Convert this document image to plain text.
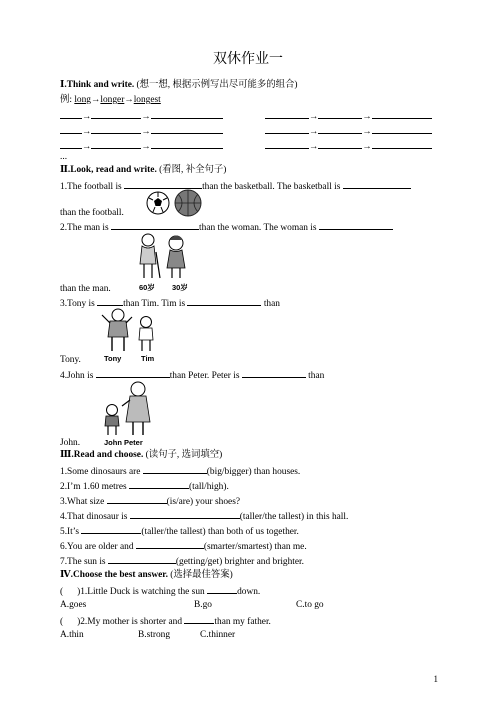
双休作业一
Ⅰ.Think and write. (想一想, 根据示例写出尽可能多的组合)
例: long→longer→longest
→	→
→	→
→	→
→	→
→	→
→	→
...
Ⅱ.Look, read and write. (看图, 补全句子)
1.The football is	than the basketball. The basketball is
than the football.
2.The man is	than the woman. The woman is
60岁 30岁
than the man.
3.Tony is	than Tim. Tim is	than
Tony	Tim
Tony.
4.John is	than Peter. Peter is	than
John Peter
John.
Ⅲ.Read and choose. (读句子, 选词填空)
1.Some dinosaurs are	(big/bigger) than houses.
2.I’m 1.60 metres	(tall/high).
3.What size	(is/are) your shoes?
4.That dinosaur is	(taller/the tallest) in this hall.
5.It’s	(taller/the tallest) than both of us together.
6.You are older and	(smarter/smartest) than me.
7.The sun is	(getting/get) brighter and brighter.
Ⅳ.Choose the best answer. (选择最佳答案)
( )1.Little Duck is watching the sun	down.
A.goes	B.go	C.to go
( )2.My mother is shorter and	than my father.
A.thin	B.strong	C.thinner
1
